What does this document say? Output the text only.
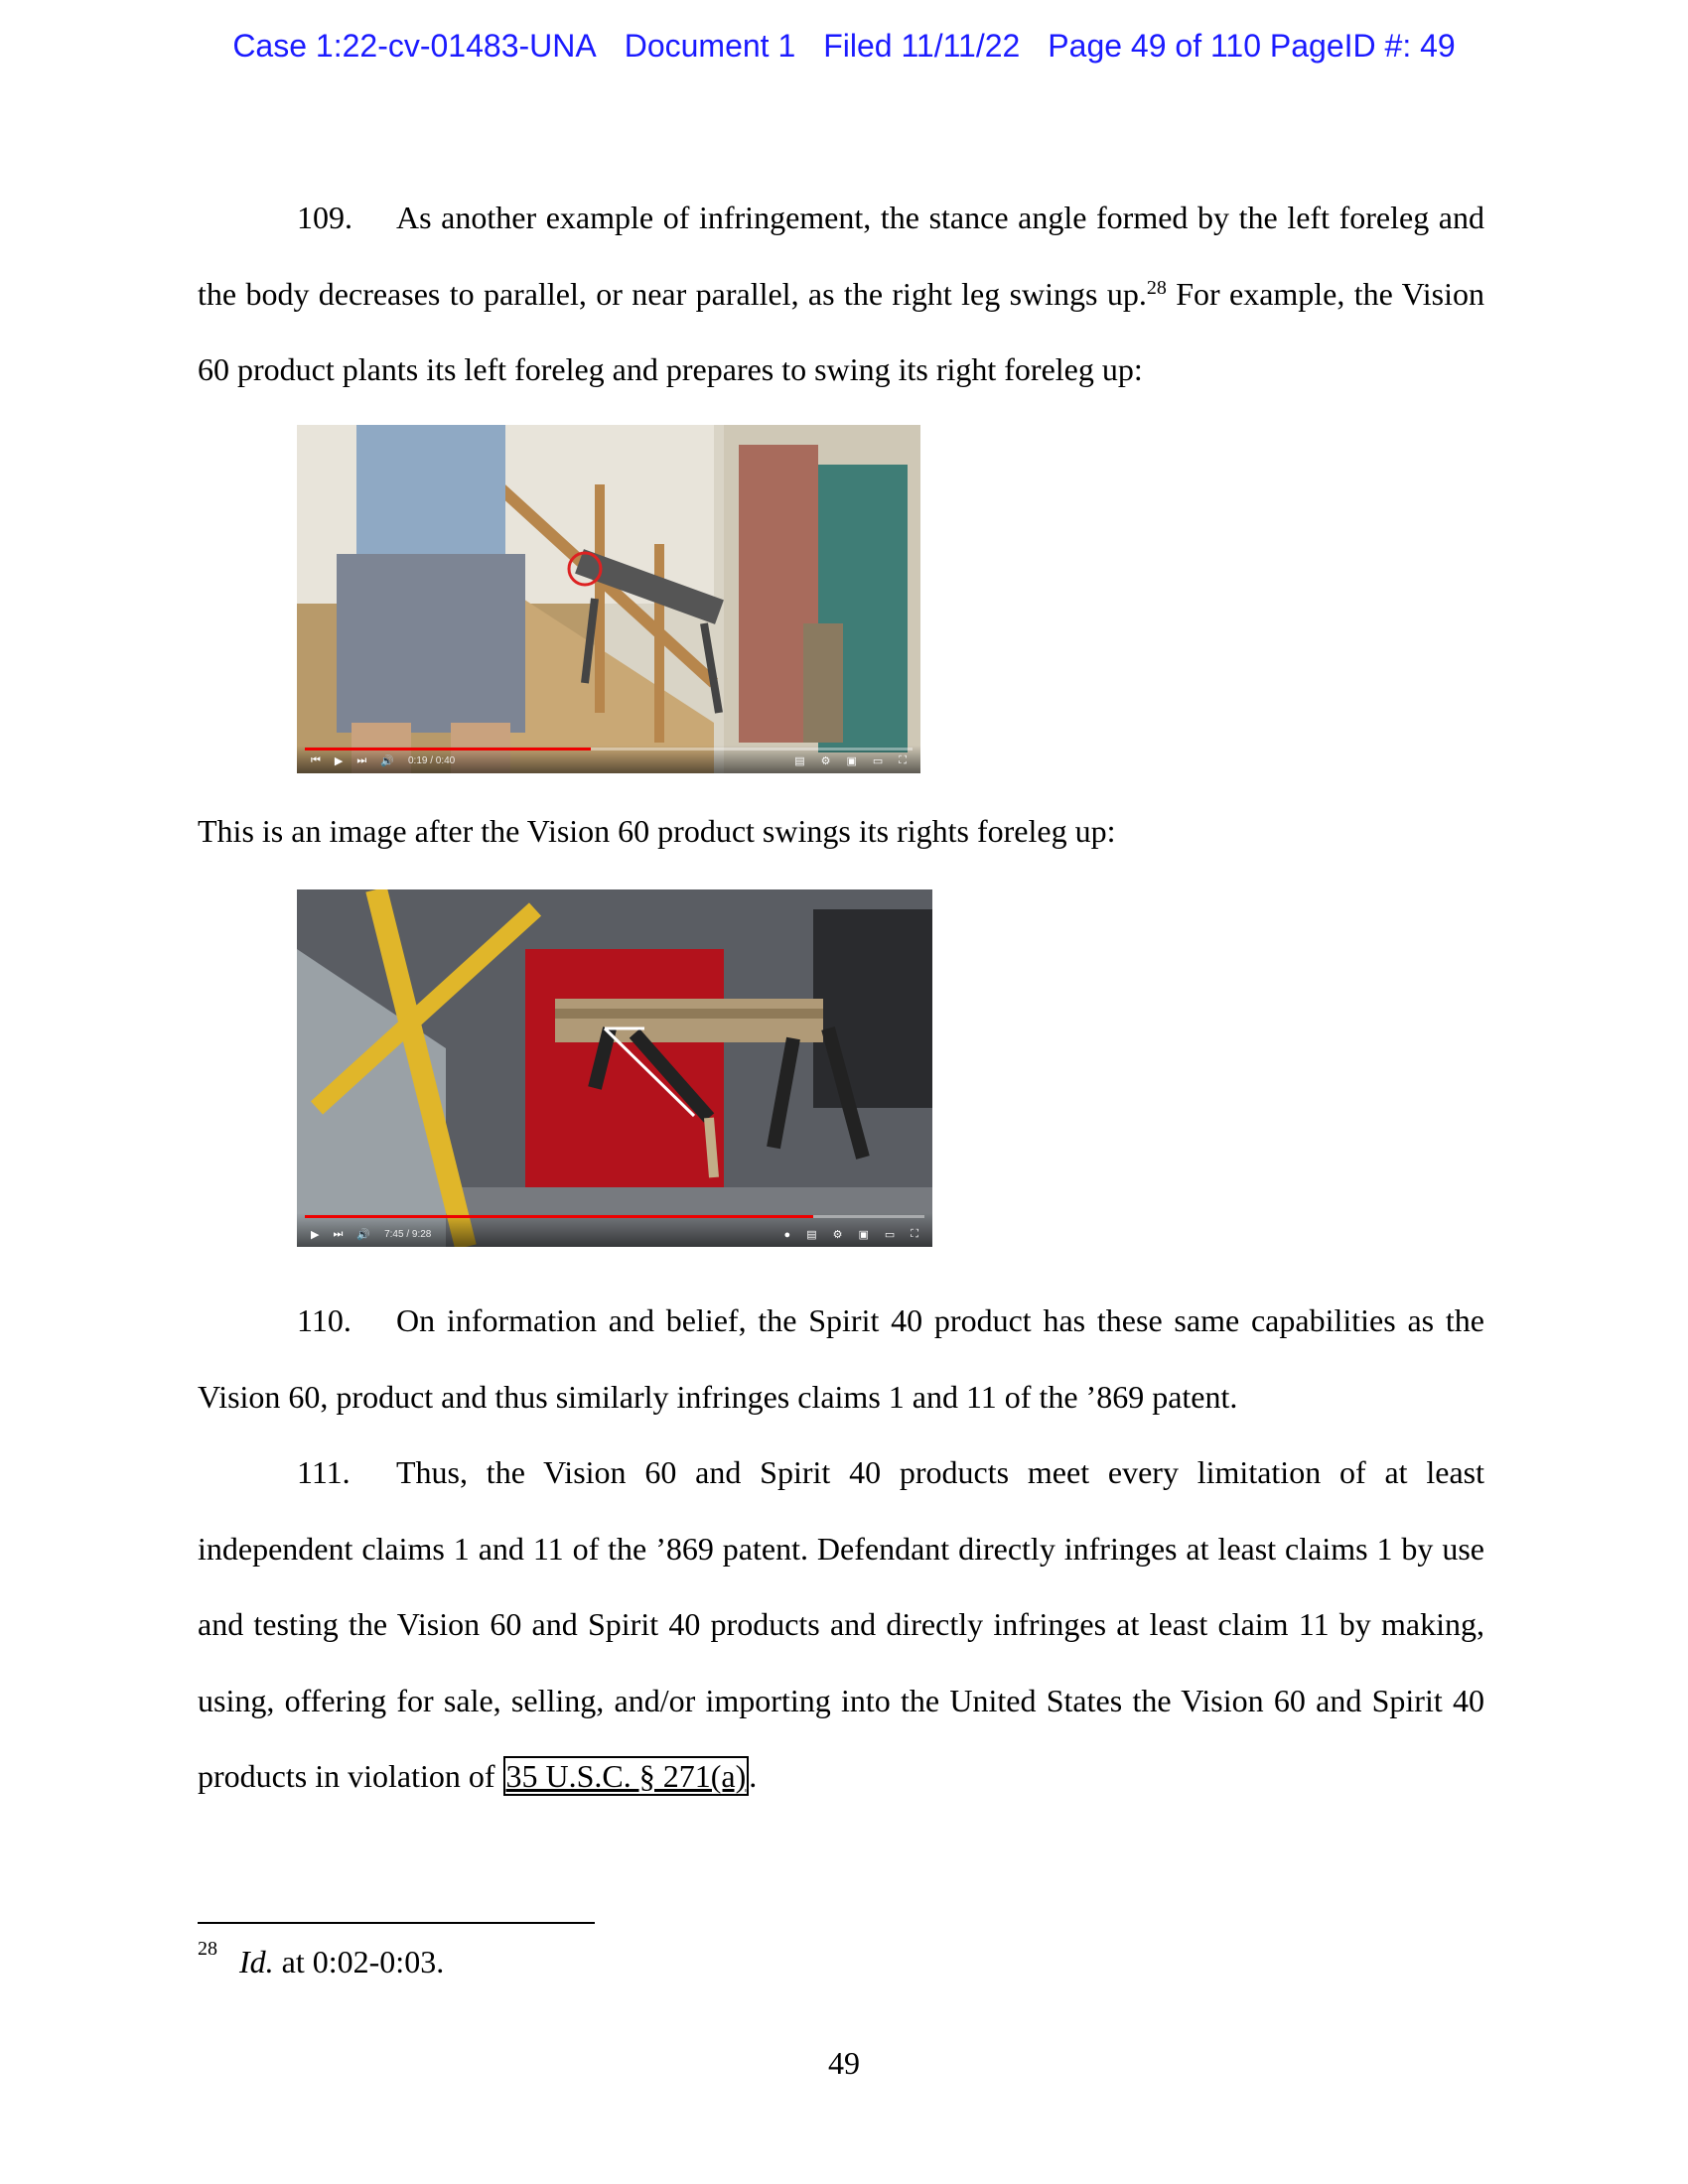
Case 1:22-cv-01483-UNA Document 1 Filed 11/11/22 Page 49 of 110 PageID #: 49

109. As another example of infringement, the stance angle formed by the left foreleg and the body decreases to parallel, or near parallel, as the right leg swings up.$^{28}$ For example, the Vision 60 product plants its left foreleg and prepares to swing its right foreleg up:

⏮ ▶ ⏭ 🔊 0:19 / 0:40	▤ ⚙ ▣ ▭ ⛶

This is an image after the Vision 60 product swings its rights foreleg up:

▶ ⏭ 🔊 7:45 / 9:28	● ▤ ⚙ ▣ ▭ ⛶

110. On information and belief, the Spirit 40 product has these same capabilities as the Vision 60, product and thus similarly infringes claims 1 and 11 of the ’869 patent.

111. Thus, the Vision 60 and Spirit 40 products meet every limitation of at least independent claims 1 and 11 of the ’869 patent. Defendant directly infringes at least claims 1 by use and testing the Vision 60 and Spirit 40 products and directly infringes at least claim 11 by making, using, offering for sale, selling, and/or importing into the United States the Vision 60 and Spirit 40 products in violation of 35 U.S.C. § 271(a).

$^{28}$ Id. at 0:02-0:03.

49
